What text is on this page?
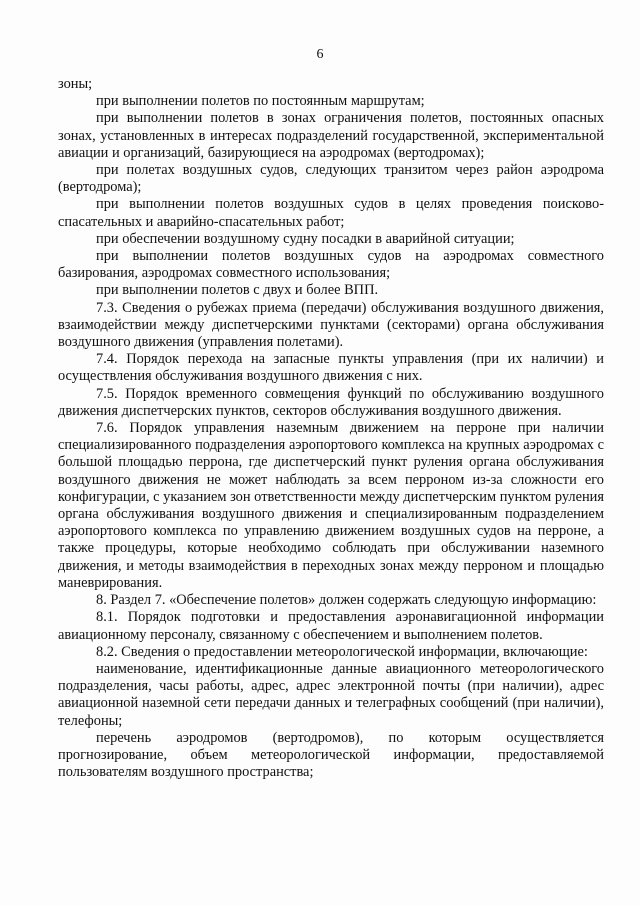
6

зоны;

при выполнении полетов по постоянным маршрутам;

при выполнении полетов в зонах ограничения полетов, постоянных опасных зонах, установленных в интересах подразделений государственной, экспериментальной авиации и организаций, базирующиеся на аэродромах (вертодромах);

при полетах воздушных судов, следующих транзитом через район аэродрома (вертодрома);

при выполнении полетов воздушных судов в целях проведения поисково-спасательных и аварийно-спасательных работ;

при обеспечении воздушному судну посадки в аварийной ситуации;

при выполнении полетов воздушных судов на аэродромах совместного базирования, аэродромах совместного использования;

при выполнении полетов с двух и более ВПП.

7.3. Сведения о рубежах приема (передачи) обслуживания воздушного движения, взаимодействии между диспетчерскими пунктами (секторами) органа обслуживания воздушного движения (управления полетами).

7.4. Порядок перехода на запасные пункты управления (при их наличии) и осуществления обслуживания воздушного движения с них.

7.5. Порядок временного совмещения функций по обслуживанию воздушного движения диспетчерских пунктов, секторов обслуживания воздушного движения.

7.6. Порядок управления наземным движением на перроне при наличии специализированного подразделения аэропортового комплекса на крупных аэродромах с большой площадью перрона, где диспетчерский пункт руления органа обслуживания воздушного движения не может наблюдать за всем перроном из-за сложности его конфигурации, с указанием зон ответственности между диспетчерским пунктом руления органа обслуживания воздушного движения и специализированным подразделением аэропортового комплекса по управлению движением воздушных судов на перроне, а также процедуры, которые необходимо соблюдать при обслуживании наземного движения, и методы взаимодействия в переходных зонах между перроном и площадью маневрирования.

8. Раздел 7. «Обеспечение полетов» должен содержать следующую информацию:

8.1. Порядок подготовки и предоставления аэронавигационной информации авиационному персоналу, связанному с обеспечением и выполнением полетов.

8.2. Сведения о предоставлении метеорологической информации, включающие:

наименование, идентификационные данные авиационного метеорологического подразделения, часы работы, адрес, адрес электронной почты (при наличии), адрес авиационной наземной сети передачи данных и телеграфных сообщений (при наличии), телефоны;

перечень аэродромов (вертодромов), по которым осуществляется прогнозирование, объем метеорологической информации, предоставляемой пользователям воздушного пространства;
